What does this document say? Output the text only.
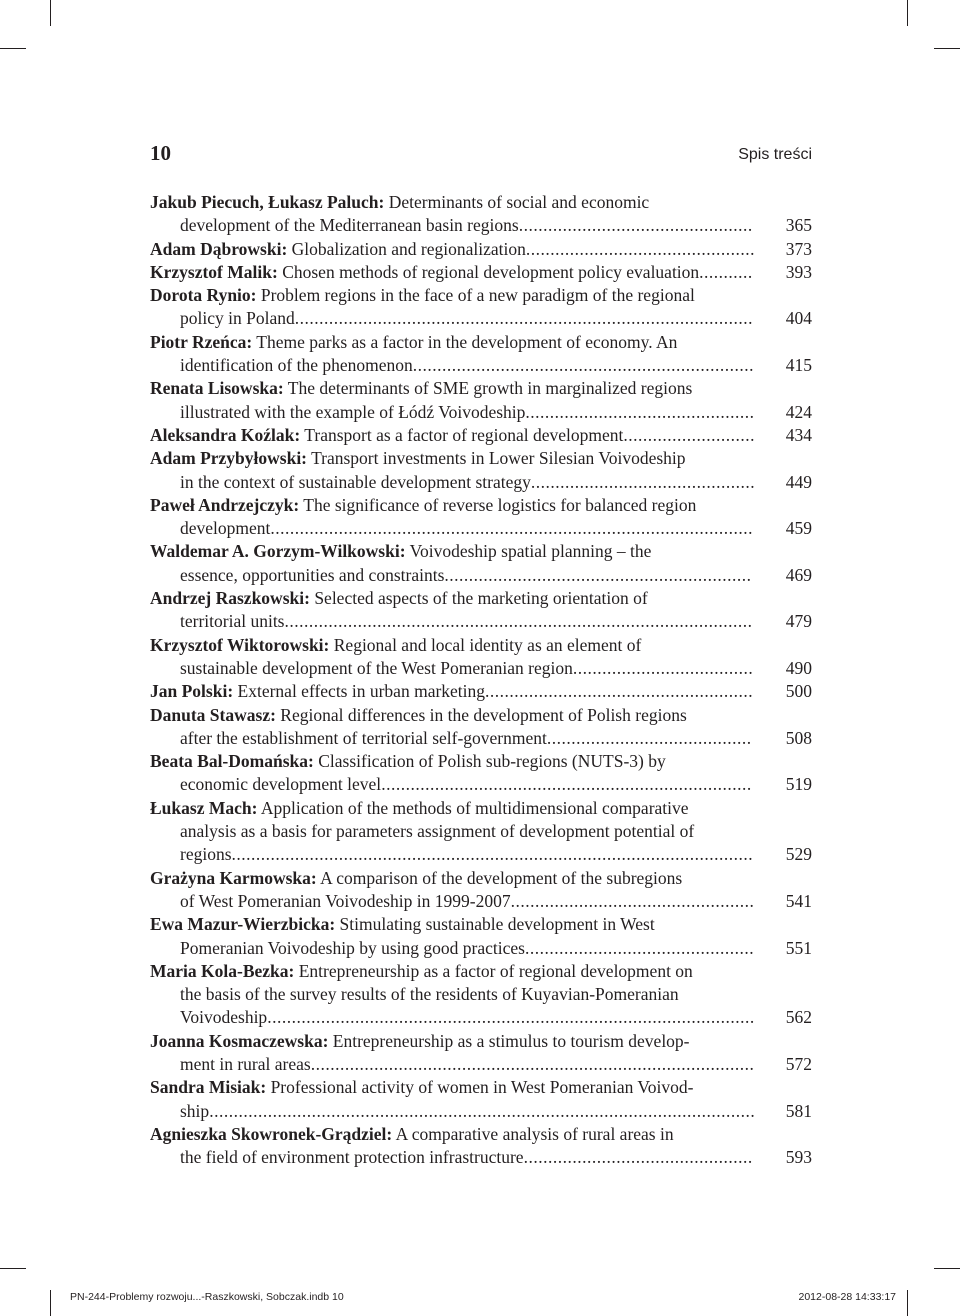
10	Spis treści
Jakub Piecuch, Łukasz Paluch: Determinants of social and economic
development of the Mediterranean basin regions................................................	365
Adam Dąbrowski: Globalization and regionalization...............................................	373
Krzysztof Malik: Chosen methods of regional development policy evaluation...........	393
Dorota Rynio: Problem regions in the face of a new paradigm of the regional
policy in Poland..............................................................................................	404
Piotr Rzeńca: Theme parks as a factor in the development of economy. An
identification of the phenomenon......................................................................	415
Renata Lisowska: The determinants of SME growth in marginalized regions
illustrated with the example of Łódź Voivodeship...............................................	424
Aleksandra Koźlak: Transport as a factor of regional development...........................	434
Adam Przybyłowski: Transport investments in Lower Silesian Voivodeship
in the context of sustainable development strategy..............................................	449
Paweł Andrzejczyk: The significance of reverse logistics for balanced region
development...................................................................................................	459
Waldemar A. Gorzym-Wilkowski: Voivodeship spatial planning – the
essence, opportunities and constraints...............................................................	469
Andrzej Raszkowski: Selected aspects of the marketing orientation of
territorial units................................................................................................	479
Krzysztof Wiktorowski: Regional and local identity as an element of
sustainable development of the West Pomeranian region.....................................	490
Jan Polski: External effects in urban marketing.......................................................	500
Danuta Stawasz: Regional differences in the development of Polish regions
after the establishment of territorial self-government..........................................	508
Beata Bal-Domańska: Classification of Polish sub-regions (NUTS-3) by
economic development level............................................................................	519
Łukasz Mach: Application of the methods of multidimensional comparative
analysis as a basis for parameters assignment of development potential of
regions...........................................................................................................	529
Grażyna Karmowska: A comparison of the development of the subregions
of West Pomeranian Voivodeship in 1999-2007..................................................	541
Ewa Mazur-Wierzbicka: Stimulating sustainable development in West
Pomeranian Voivodeship by using good practices...............................................	551
Maria Kola-Bezka: Entrepreneurship as a factor of regional development on
the basis of the survey results of the residents of Kuyavian-Pomeranian
Voivodeship....................................................................................................	562
Joanna Kosmaczewska: Entrepreneurship as a stimulus to tourism develop-
ment in rural areas...........................................................................................	572
Sandra Misiak: Professional activity of women in West Pomeranian Voivod-
ship................................................................................................................	581
Agnieszka Skowronek-Grądziel: A comparative analysis of rural areas in
the field of environment protection infrastructure...............................................	593
PN-244-Problemy rozwoju...-Raszkowski, Sobczak.indb 10	2012-08-28 14:33:17
